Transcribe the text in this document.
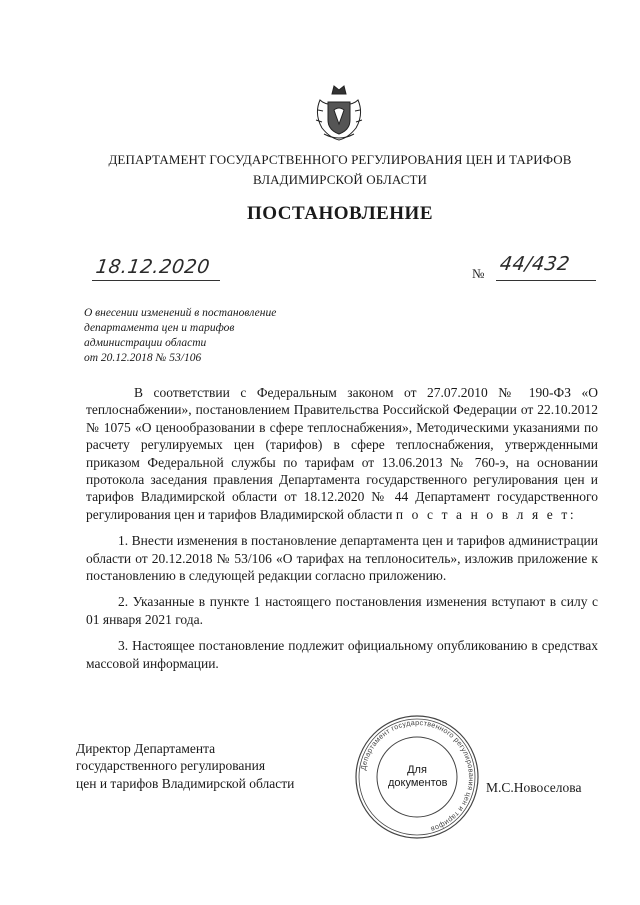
ДЕПАРТАМЕНТ ГОСУДАРСТВЕННОГО РЕГУЛИРОВАНИЯ ЦЕН И ТАРИФОВ
ВЛАДИМИРСКОЙ ОБЛАСТИ
ПОСТАНОВЛЕНИЕ
18.12.2020	№ 44/432
О внесении изменений в постановление
департамента цен и тарифов
администрации области
от 20.12.2018 № 53/106

В соответствии с Федеральным законом от 27.07.2010 № 190-ФЗ «О теплоснабжении», постановлением Правительства Российской Федерации от 22.10.2012 № 1075 «О ценообразовании в сфере теплоснабжения», Методическими указаниями по расчету регулируемых цен (тарифов) в сфере теплоснабжения, утвержденными приказом Федеральной службы по тарифам от 13.06.2013 № 760-э, на основании протокола заседания правления Департамента государственного регулирования цен и тарифов Владимирской области от 18.12.2020 № 44 Департамент государственного регулирования цен и тарифов Владимирской области п о с т а н о в л я е т:

1. Внести изменения в постановление департамента цен и тарифов администрации области от 20.12.2018 № 53/106 «О тарифах на теплоноситель», изложив приложение к постановлению в следующей редакции согласно приложению.

2. Указанные в пункте 1 настоящего постановления изменения вступают в силу с 01 января 2021 года.

3. Настоящее постановление подлежит официальному опубликованию в средствах массовой информации.

Директор Департамента
государственного регулирования
цен и тарифов Владимирской области
Департамент государственного регулирования цен и тарифов
Для
документов	М.С.Новоселова
